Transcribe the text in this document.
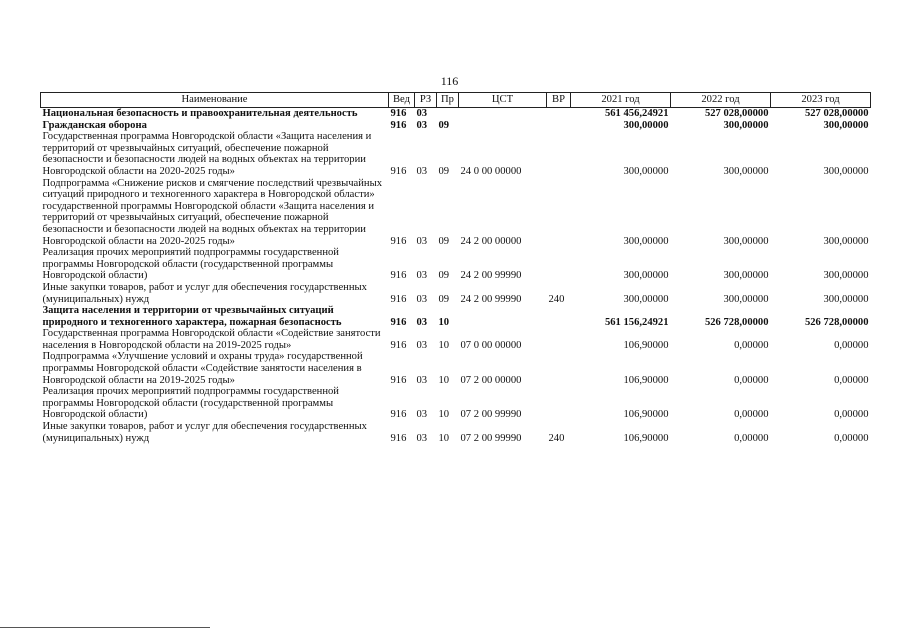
116
Наименование	Вед	РЗ	Пр	ЦСТ	ВР	2021 год	2022 год	2023 год
Национальная безопасность и правоохранительная деятельность	916	03				561 456,24921	527 028,00000	527 028,00000
Гражданская оборона	916	03	09			300,00000	300,00000	300,00000
Государственная программа Новгородской области «Защита населения и территорий от чрезвычайных ситуаций, обеспечение пожарной безопасности и безопасности людей на водных объектах на территории Новгородской области на 2020-2025 годы»	916	03	09	24 0 00 00000		300,00000	300,00000	300,00000
Подпрограмма «Снижение рисков и смягчение последствий чрезвычайных ситуаций природного и техногенного характера в Новгородской области» государственной программы Новгородской области «Защита населения и территорий от чрезвычайных ситуаций, обеспечение пожарной безопасности и безопасности людей на водных объектах на территории Новгородской области на 2020-2025 годы»	916	03	09	24 2 00 00000		300,00000	300,00000	300,00000
Реализация прочих мероприятий подпрограммы государственной программы Новгородской области (государственной программы Новгородской области)	916	03	09	24 2 00 99990		300,00000	300,00000	300,00000
Иные закупки товаров, работ и услуг для обеспечения государственных (муниципальных) нужд	916	03	09	24 2 00 99990	240	300,00000	300,00000	300,00000
Защита населения и территории от чрезвычайных ситуаций природного и техногенного характера, пожарная безопасность	916	03	10			561 156,24921	526 728,00000	526 728,00000
Государственная программа Новгородской области «Содействие занятости населения в Новгородской области на 2019-2025 годы»	916	03	10	07 0 00 00000		106,90000	0,00000	0,00000
Подпрограмма «Улучшение условий и охраны труда» государственной программы Новгородской области «Содействие занятости населения в Новгородской области на 2019-2025 годы»	916	03	10	07 2 00 00000		106,90000	0,00000	0,00000
Реализация прочих мероприятий подпрограммы государственной программы Новгородской области (государственной программы Новгородской области)	916	03	10	07 2 00 99990		106,90000	0,00000	0,00000
Иные закупки товаров, работ и услуг для обеспечения государственных (муниципальных) нужд	916	03	10	07 2 00 99990	240	106,90000	0,00000	0,00000
